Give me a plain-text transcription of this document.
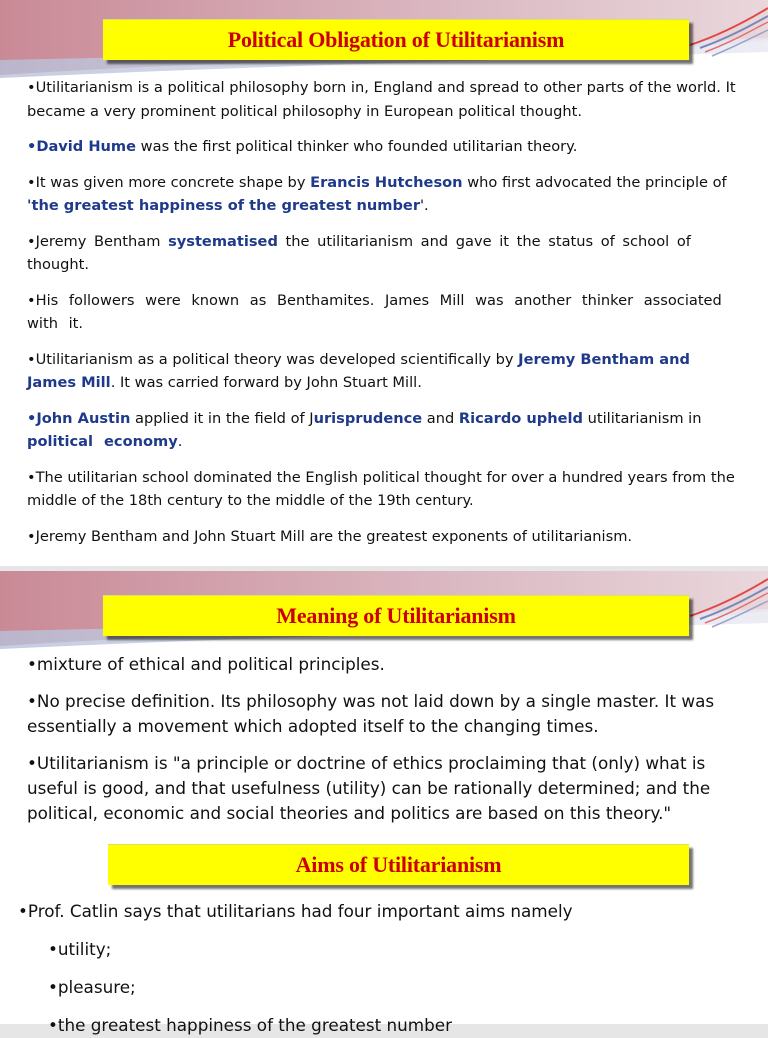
Political Obligation of Utilitarianism

•Utilitarianism is a political philosophy born in, England and spread to other parts of the world. It became a very prominent political philosophy in European political thought.

•David Hume was the first political thinker who founded utilitarian theory.

•It was given more concrete shape by Erancis Hutcheson who first advocated the principle of 'the greatest happiness of the greatest number'.

•Jeremy Bentham systematised the utilitarianism and gave it the status of school of thought.

•His followers were known as Benthamites. James Mill was another thinker associated with it.

•Utilitarianism as a political theory was developed scientifically by Jeremy Bentham and James Mill. It was carried forward by John Stuart Mill.

•John Austin applied it in the field of Jurisprudence and Ricardo upheld utilitarianism in political economy.

•The utilitarian school dominated the English political thought for over a hundred years from the middle of the 18th century to the middle of the 19th century.

•Jeremy Bentham and John Stuart Mill are the greatest exponents of utilitarianism.

Meaning of Utilitarianism

•mixture of ethical and political principles.

•No precise definition. Its philosophy was not laid down by a single master. It was essentially a movement which adopted itself to the changing times.

•Utilitarianism is "a principle or doctrine of ethics proclaiming that (only) what is useful is good, and that usefulness (utility) can be rationally determined; and the political, economic and social theories and politics are based on this theory."

Aims of Utilitarianism

•Prof. Catlin says that utilitarians had four important aims namely

•utility;

•pleasure;

•the greatest happiness of the greatest number
